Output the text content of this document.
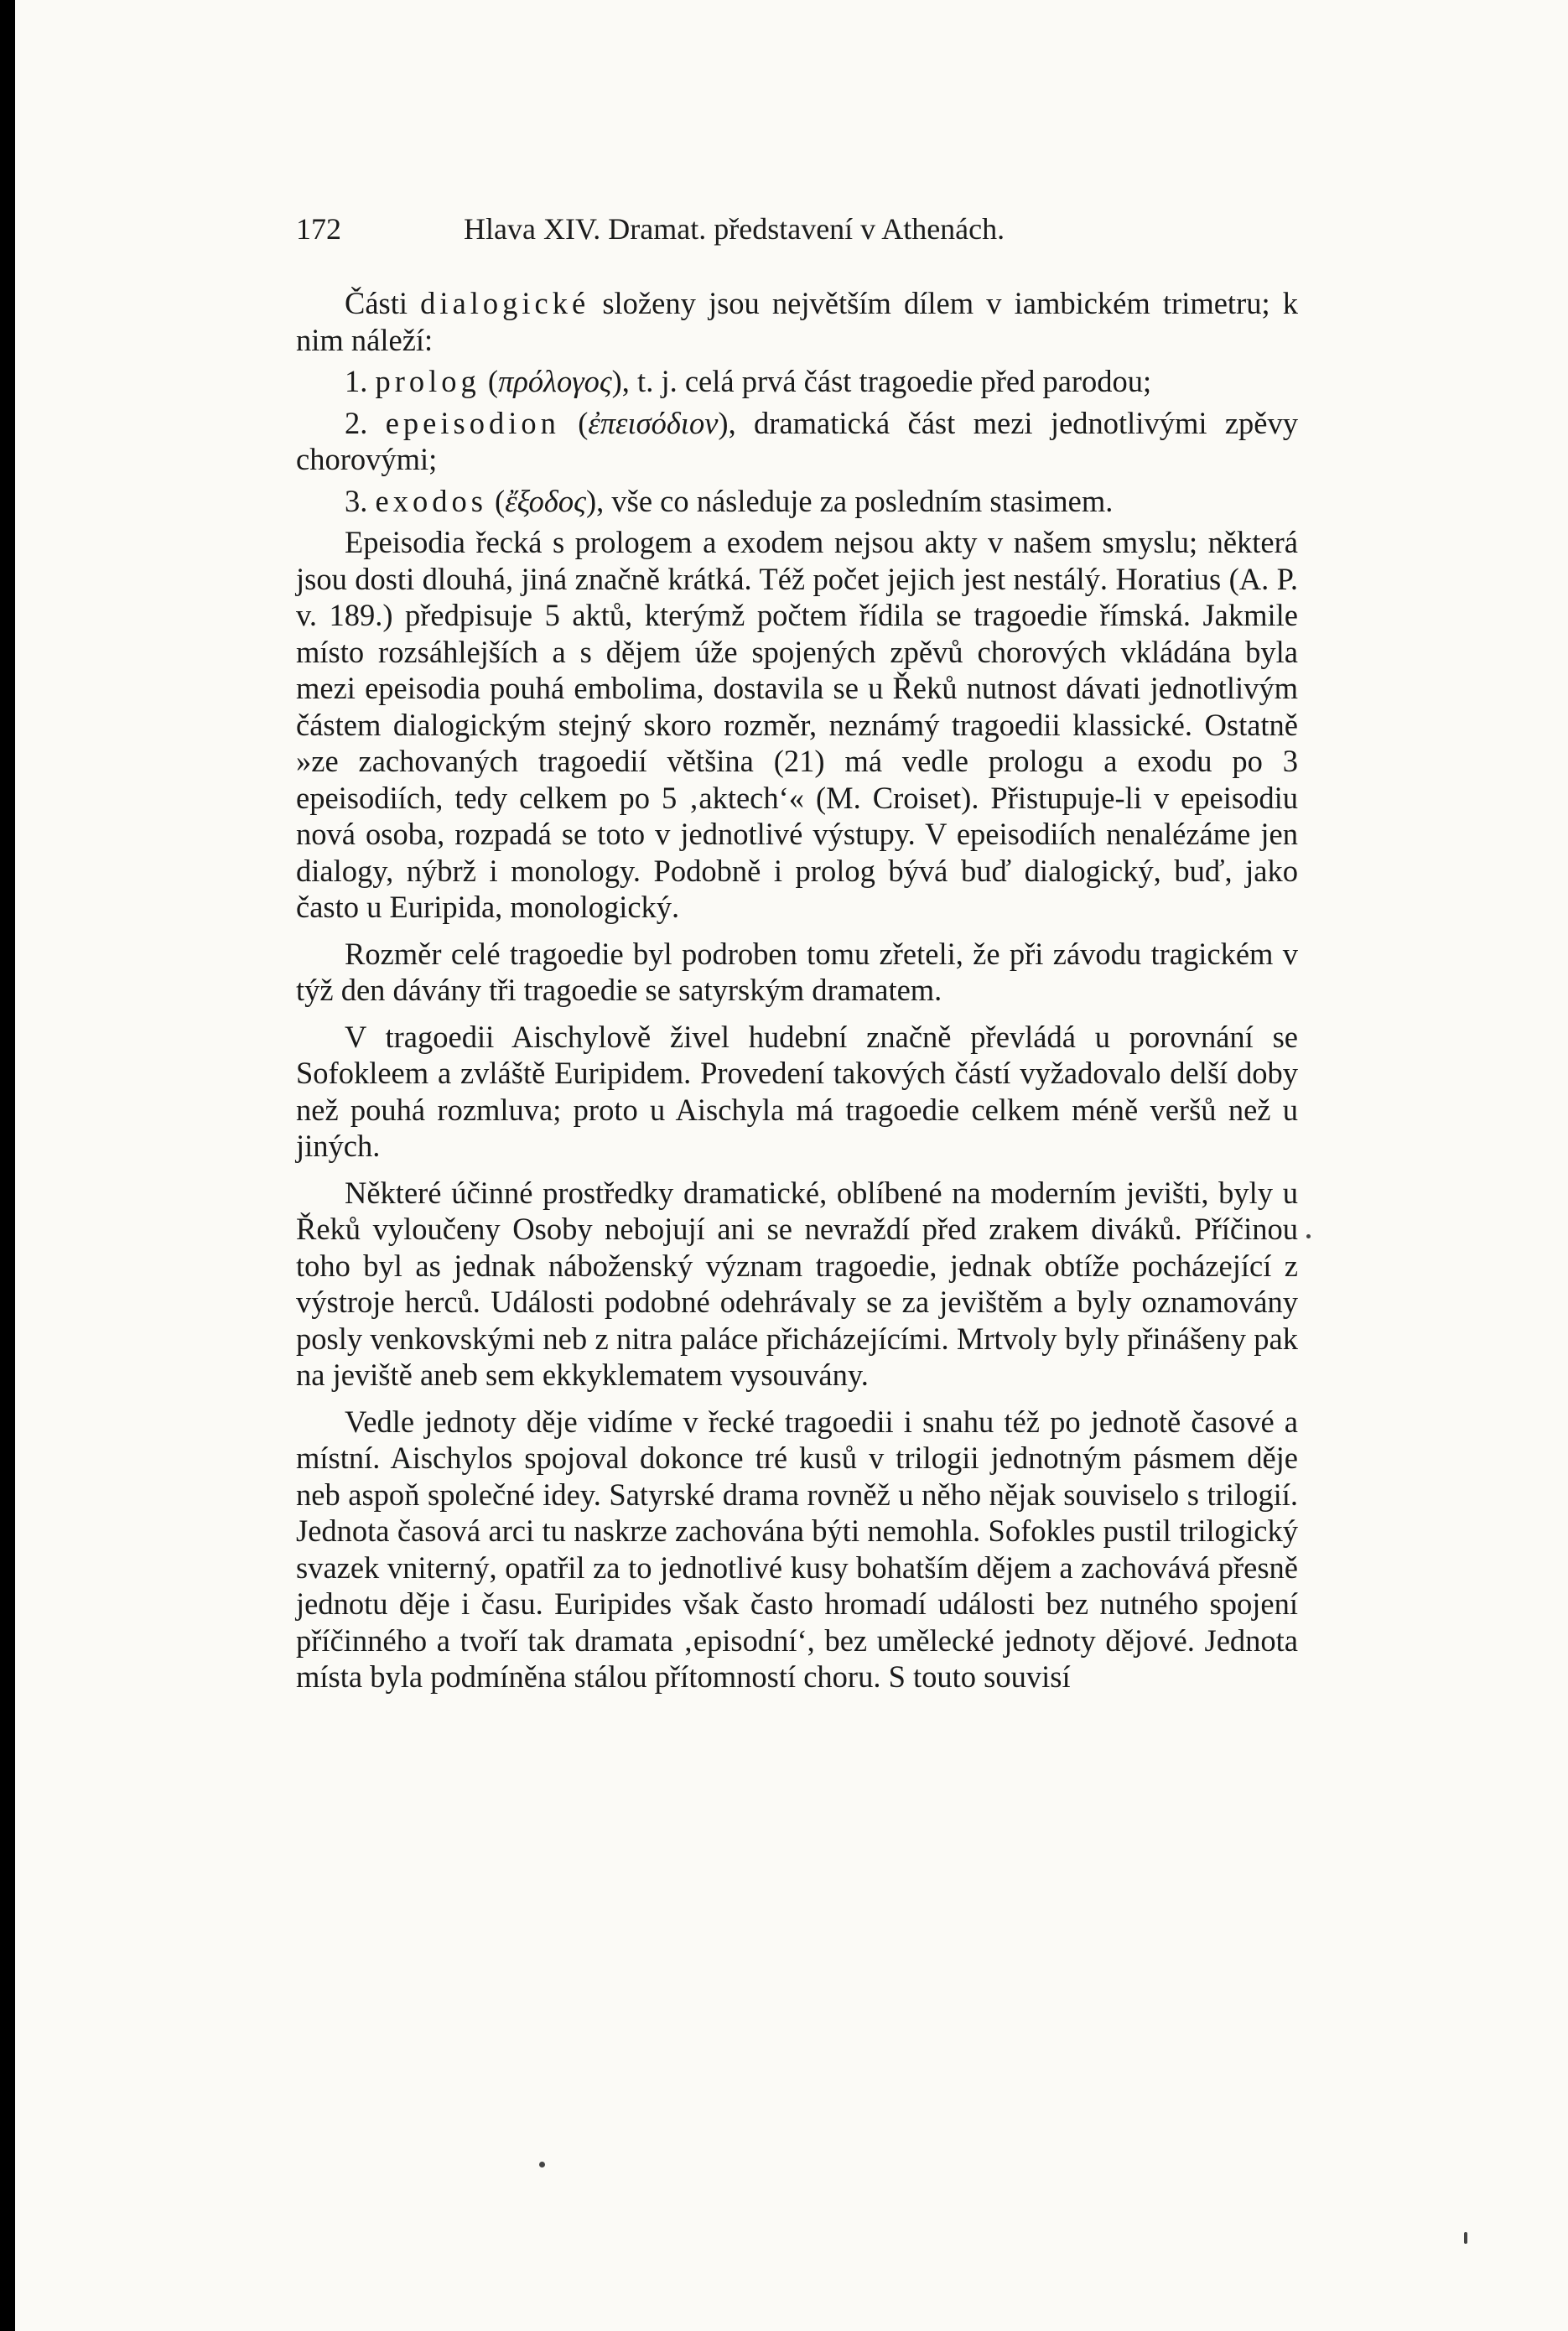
172	Hlava XIV. Dramat. představení v Athenách.

Části dialogické složeny jsou největším dílem v iambickém trimetru; k nim náleží:

1. prolog (πρόλογος), t. j. celá prvá část tragoedie před parodou;

2. epeisodion (ἐπεισόδιον), dramatická část mezi jednotlivými zpěvy chorovými;

3. exodos (ἔξοδος), vše co následuje za posledním stasimem.

Epeisodia řecká s prologem a exodem nejsou akty v našem smyslu; některá jsou dosti dlouhá, jiná značně krátká. Též počet jejich jest nestálý. Horatius (A. P. v. 189.) předpisuje 5 aktů, kterýmž počtem řídila se tragoedie římská. Jakmile místo rozsáhlejších a s dějem úže spojených zpěvů chorových vkládána byla mezi epeisodia pouhá embolima, dostavila se u Řeků nutnost dávati jednotlivým částem dialogickým stejný skoro rozměr, neznámý tragoedii klassické. Ostatně »ze zachovaných tragoedií většina (21) má vedle prologu a exodu po 3 epeisodiích, tedy celkem po 5 ‚aktech‘« (M. Croiset). Přistupuje-li v epeisodiu nová osoba, rozpadá se toto v jednotlivé výstupy. V epeisodiích nenalézáme jen dialogy, nýbrž i monology. Podobně i prolog bývá buď dialogický, buď, jako často u Euripida, monologický.

Rozměr celé tragoedie byl podroben tomu zřeteli, že při závodu tragickém v týž den dávány tři tragoedie se satyrským dramatem.

V tragoedii Aischylově živel hudební značně převládá u porovnání se Sofokleem a zvláště Euripidem. Provedení takových částí vyžadovalo delší doby než pouhá rozmluva; proto u Aischyla má tragoedie celkem méně veršů než u jiných.

Některé účinné prostředky dramatické, oblíbené na moderním jevišti, byly u Řeků vyloučeny Osoby nebojují ani se nevraždí před zrakem diváků. Příčinou toho byl as jednak náboženský význam tragoedie, jednak obtíže pocházející z výstroje herců. Události podobné odehrávaly se za jevištěm a byly oznamovány posly venkovskými neb z nitra paláce přicházejícími. Mrtvoly byly přinášeny pak na jeviště aneb sem ekkyklematem vysouvány.

Vedle jednoty děje vidíme v řecké tragoedii i snahu též po jednotě časové a místní. Aischylos spojoval dokonce tré kusů v trilogii jednotným pásmem děje neb aspoň společné idey. Satyrské drama rovněž u něho nějak souviselo s trilogií. Jednota časová arci tu naskrze zachována býti nemohla. Sofokles pustil trilogický svazek vniterný, opatřil za to jednotlivé kusy bohatším dějem a zachovává přesně jednotu děje i času. Euripides však často hromadí události bez nutného spojení příčinného a tvoří tak dramata ‚episodní‘, bez umělecké jednoty dějové. Jednota místa byla podmíněna stálou přítomností choru. S touto souvisí
